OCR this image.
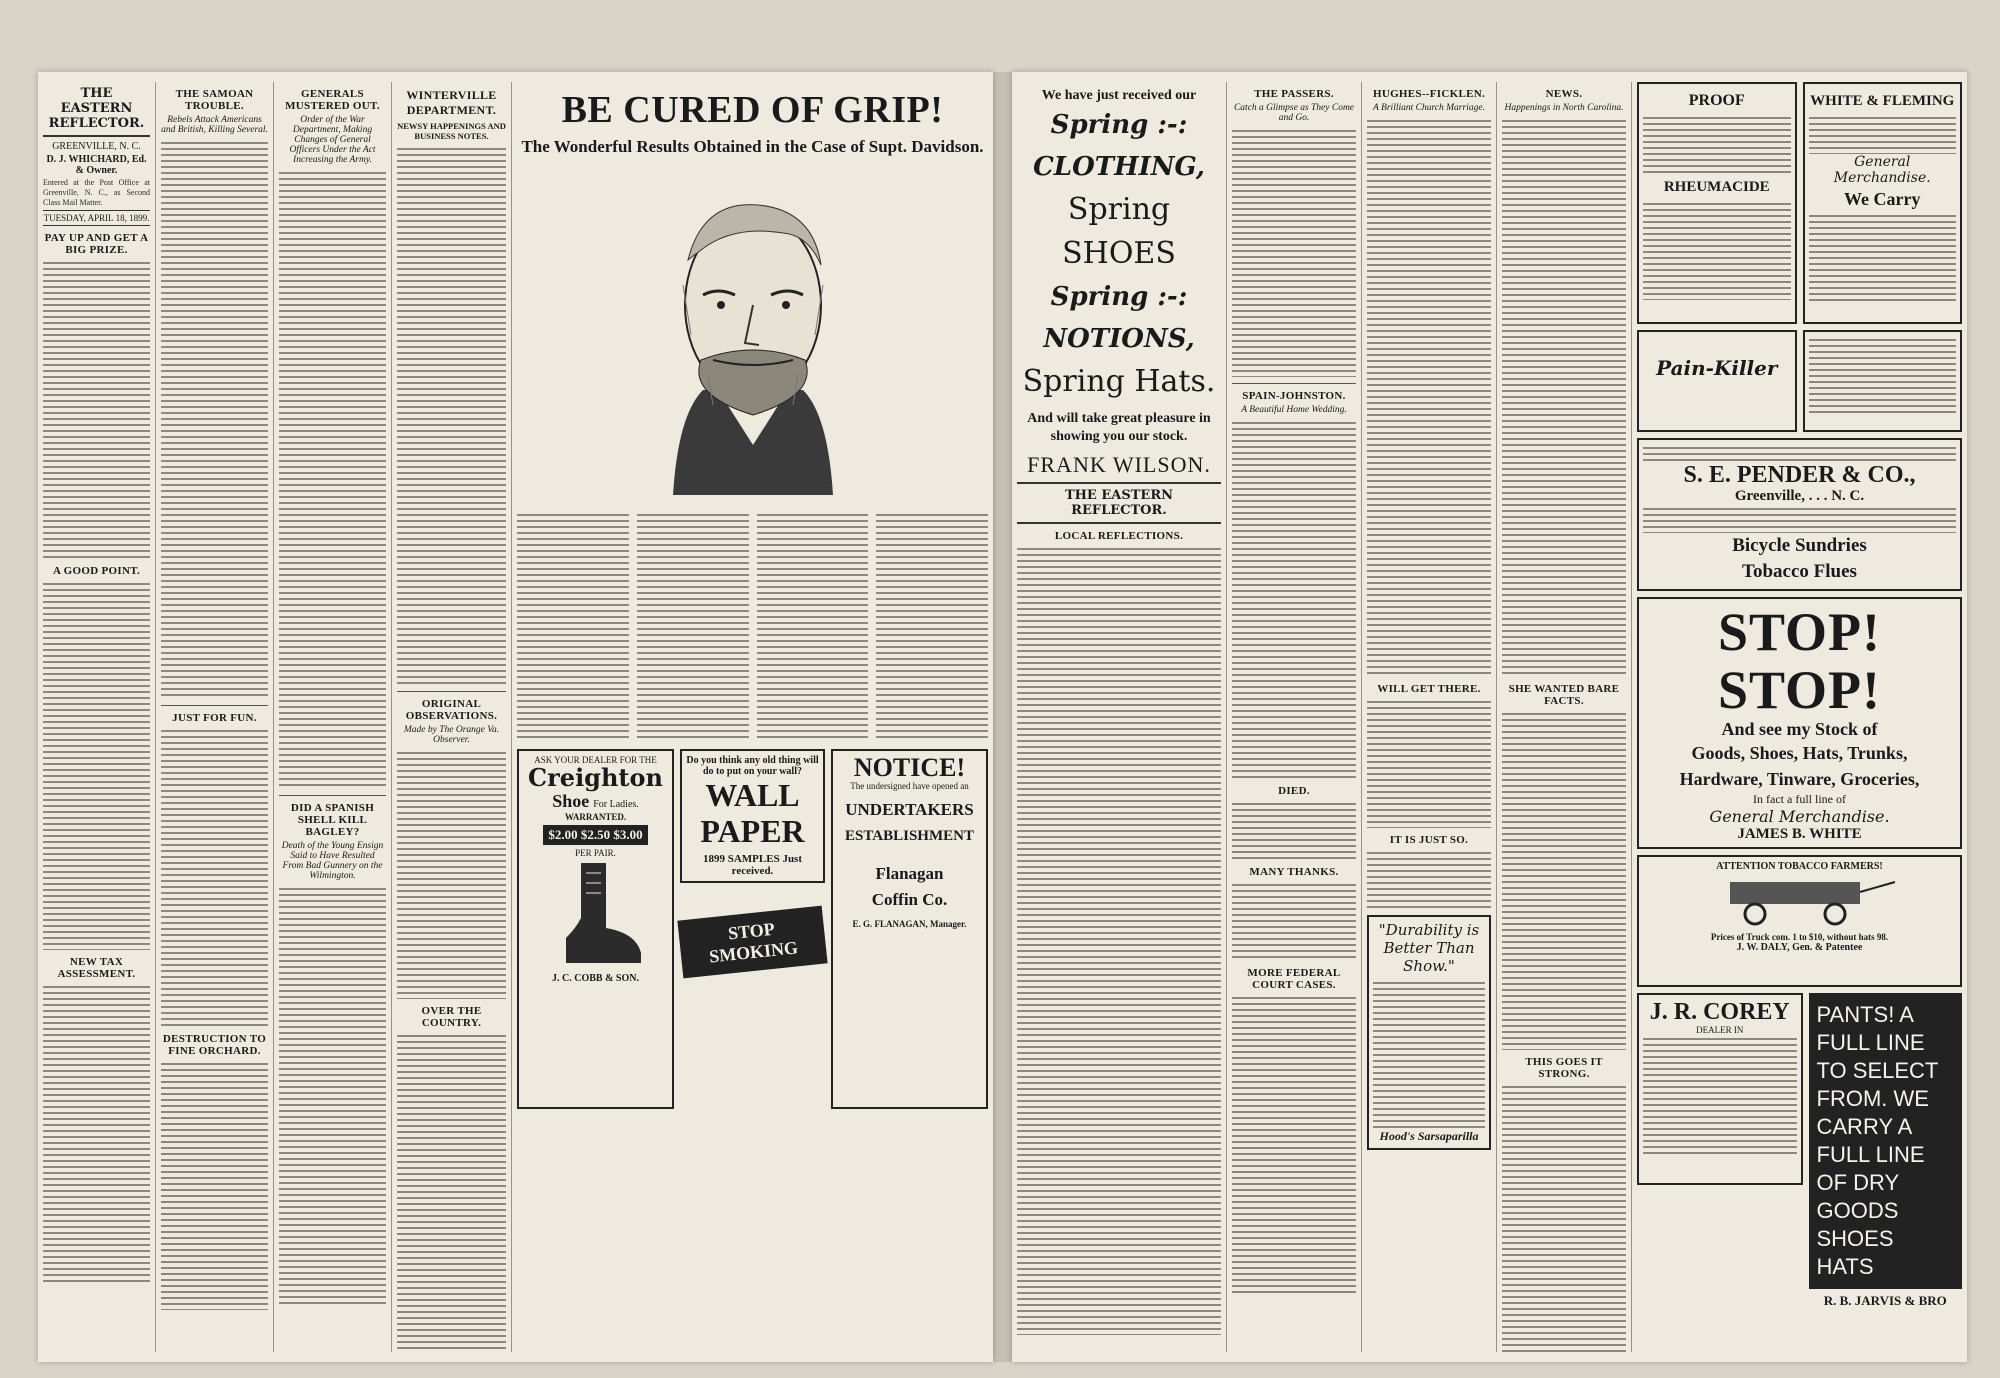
THE EASTERN REFLECTOR.
GREENVILLE, N. C.
D. J. WHICHARD, Ed. & Owner.
Entered at the Post Office at Greenville, N. C., as Second Class Mail Matter.
TUESDAY, APRIL 18, 1899.
PAY UP AND GET A BIG PRIZE.
A GOOD POINT.
NEW TAX ASSESSMENT.
THE SAMOAN TROUBLE.
Rebels Attack Americans and British, Killing Several.
JUST FOR FUN.
DESTRUCTION TO FINE ORCHARD.
GENERALS MUSTERED OUT.
Order of the War Department, Making Changes of General Officers Under the Act Increasing the Army.
DID A SPANISH SHELL KILL BAGLEY?
Death of the Young Ensign Said to Have Resulted From Bad Gunnery on the Wilmington.
WINTERVILLE DEPARTMENT.
NEWSY HAPPENINGS AND BUSINESS NOTES.
ORIGINAL OBSERVATIONS.
Made by The Orange Va. Observer.
OVER THE COUNTRY.
BE CURED OF GRIP!
The Wonderful Results Obtained in the Case of Supt. Davidson.
ASK YOUR DEALER FOR THE
Creighton
Shoe For Ladies.
WARRANTED.
$2.00 $2.50 $3.00
PER PAIR.
J. C. COBB & SON.
Do you think any old thing will do to put on your wall?
WALL
PAPER
1899 SAMPLES Just received.
STOP SMOKING
NOTICE!
The undersigned have opened an
UNDERTAKERS
ESTABLISHMENT
Flanagan
Coffin Co.
E. G. FLANAGAN, Manager.
We have just received our
Spring :-: CLOTHING,
Spring SHOES
Spring :-: NOTIONS,
Spring Hats.
And will take great pleasure in showing you our stock.
FRANK WILSON.
THE EASTERN REFLECTOR.
LOCAL REFLECTIONS.
THE PASSERS.
Catch a Glimpse as They Come and Go.
SPAIN-JOHNSTON.
A Beautiful Home Wedding.
DIED.
MANY THANKS.
MORE FEDERAL COURT CASES.
HUGHES--FICKLEN.
A Brilliant Church Marriage.
WILL GET THERE.
IT IS JUST SO.
"Durability is Better Than Show."
Hood's Sarsaparilla
NEWS.
Happenings in North Carolina.
SHE WANTED BARE FACTS.
THIS GOES IT STRONG.
PROOF
RHEUMACIDE
WHITE & FLEMING
General Merchandise.
We Carry
Pain-Killer
S. E. PENDER & CO.,
Greenville, . . . N. C.
Bicycle Sundries
Tobacco Flues
STOP! STOP!
And see my Stock of
Goods, Shoes, Hats, Trunks,
Hardware, Tinware, Groceries,
In fact a full line of
General Merchandise.
JAMES B. WHITE
ATTENTION TOBACCO FARMERS!
Prices of Truck com. 1 to $10, without hats 98.
J. W. DALY, Gen. & Patentee
J. R. COREY
DEALER IN
PANTS! A FULL LINE TO SELECT FROM. WE CARRY A FULL LINE OF DRY GOODS SHOES HATS
R. B. JARVIS & BRO
